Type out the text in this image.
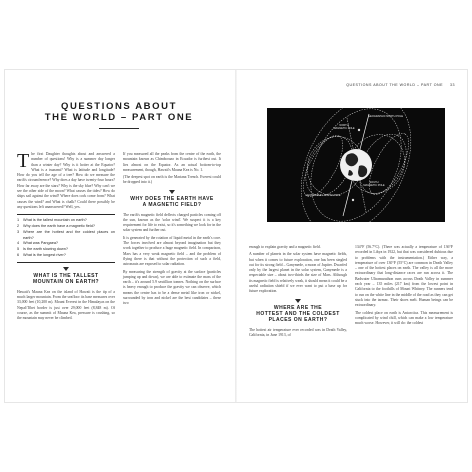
QUESTIONS ABOUT
THE WORLD – PART ONE

The first Daughter thoughts about and answered a number of questions! Why is a summer day longer than a winter day? Why is it hotter at the Equator? What is a tsunami? What is latitude and longitude? How do you tell the age of a tree? How do we measure the earth's circumference? Why does a day have twenty-four hours? How far away are the stars? Why is the sky blue? Why can't we see the other side of the moon? What causes the tides? How do ships sail against the wind? Where does cork come from? What causes the wind? and What is chalk? Could there possibly be any questions left unanswered? Well, yes.

1	What is the tallest mountain on earth?
2	Why does the earth have a magnetic field?
3	Where are the hottest and the coldest places on earth?
4	What was Pangaea?
5	Is the earth slowing down?
6	What is the longest river?
WHAT IS THE TALLEST
MOUNTAIN ON EARTH?

Hawaii's Mauna Kea on the island of Hawaii is the tip of a much larger mountain. From the seafloor its base measures over 33,000 feet (10,200 m). Mount Everest in the Himalayas on the Nepal/Tibet border is just over 29,000 feet (8,848 m). Of course, as the summit of Mauna Kea, pressure is crushing, so the mountain may never be climbed.

If you measured all the peaks from the centre of the earth, the mountain known as Chimborazo in Ecuador is furthest out. It lies almost on the Equator. As an actual bottom-to-top measurement, though, Hawaii's Mauna Kea is No. 1.

(The deepest spot on earth is the Mariana Trench. Everest could be dropped into it.)

WHY DOES THE EARTH HAVE
A MAGNETIC FIELD?

The earth's magnetic field deflects charged particles coming off the sun, known as the 'solar wind'. We suspect it is a key requirement for life to exist, so it's something we look for in the solar system and further out.

It is generated by the rotation of liquid metal in the earth's core. The forces involved are almost beyond imagination but they work together to produce a huge magnetic field. In comparison, Mars has a very weak magnetic field – and the problem of flying there is that without the protection of such a field, astronauts are exposed to solar radiation.

By measuring the strength of gravity at the surface (particles jumping up and down), we are able to estimate the mass of the earth – it's around 5.9 sextillion tonnes. Nothing on the surface is heavy enough to produce the gravity we can observe, which means the centre has to be a dense metal like iron or nickel, surrounded by iron and nickel are the best candidates – these two

QUESTIONS ABOUT THE WORLD – PART ONE 33
NORTH MAGNETIC POLE
GEOGRAPHIC NORTH POLE
SOUTH MAGNETIC POLE
GEOGRAPHIC SOUTH POLE

enough to explain gravity and a magnetic field.

A number of planets in the solar system have magnetic fields, but when it comes to future exploration, one has been singled out for its strong field – Ganymede, a moon of Jupiter. Dwarfed only by the largest planet in the solar system, Ganymede is a respectable size – about two-thirds the size of Mars. Although its magnetic field is relatively weak, it should mean it could be a useful radiation shield if we ever want to put a base up for future exploration.

WHERE ARE THE
HOTTEST AND THE COLDEST
PLACES ON EARTH?

The hottest air temperature ever recorded was in Death Valley, California, in June 1913, of

134°F (56.7°C). (There was actually a temperature of 136°F recorded in Libya in 1922, but that was considered dubious due to problems with the instrumentation.) Either way, a temperature of over 130°F (55°C) are common in Death Valley – one of the hottest places on earth. The valley is all the more extraordinary that long-distance races are run across it. The Badwater Ultramarathon runs across Death Valley in summer each year – 135 miles (217 km) from the lowest point in California to the foothills of Mount Whitney. The runners tend to run on the white line in the middle of the road as they can get stuck into the tarmac. Their shoes melt. Human beings can be extraordinary.

The coldest place on earth is Antarctica. This measurement is complicated by wind chill, which can make a low temperature much worse. However, it will do: the coldest
